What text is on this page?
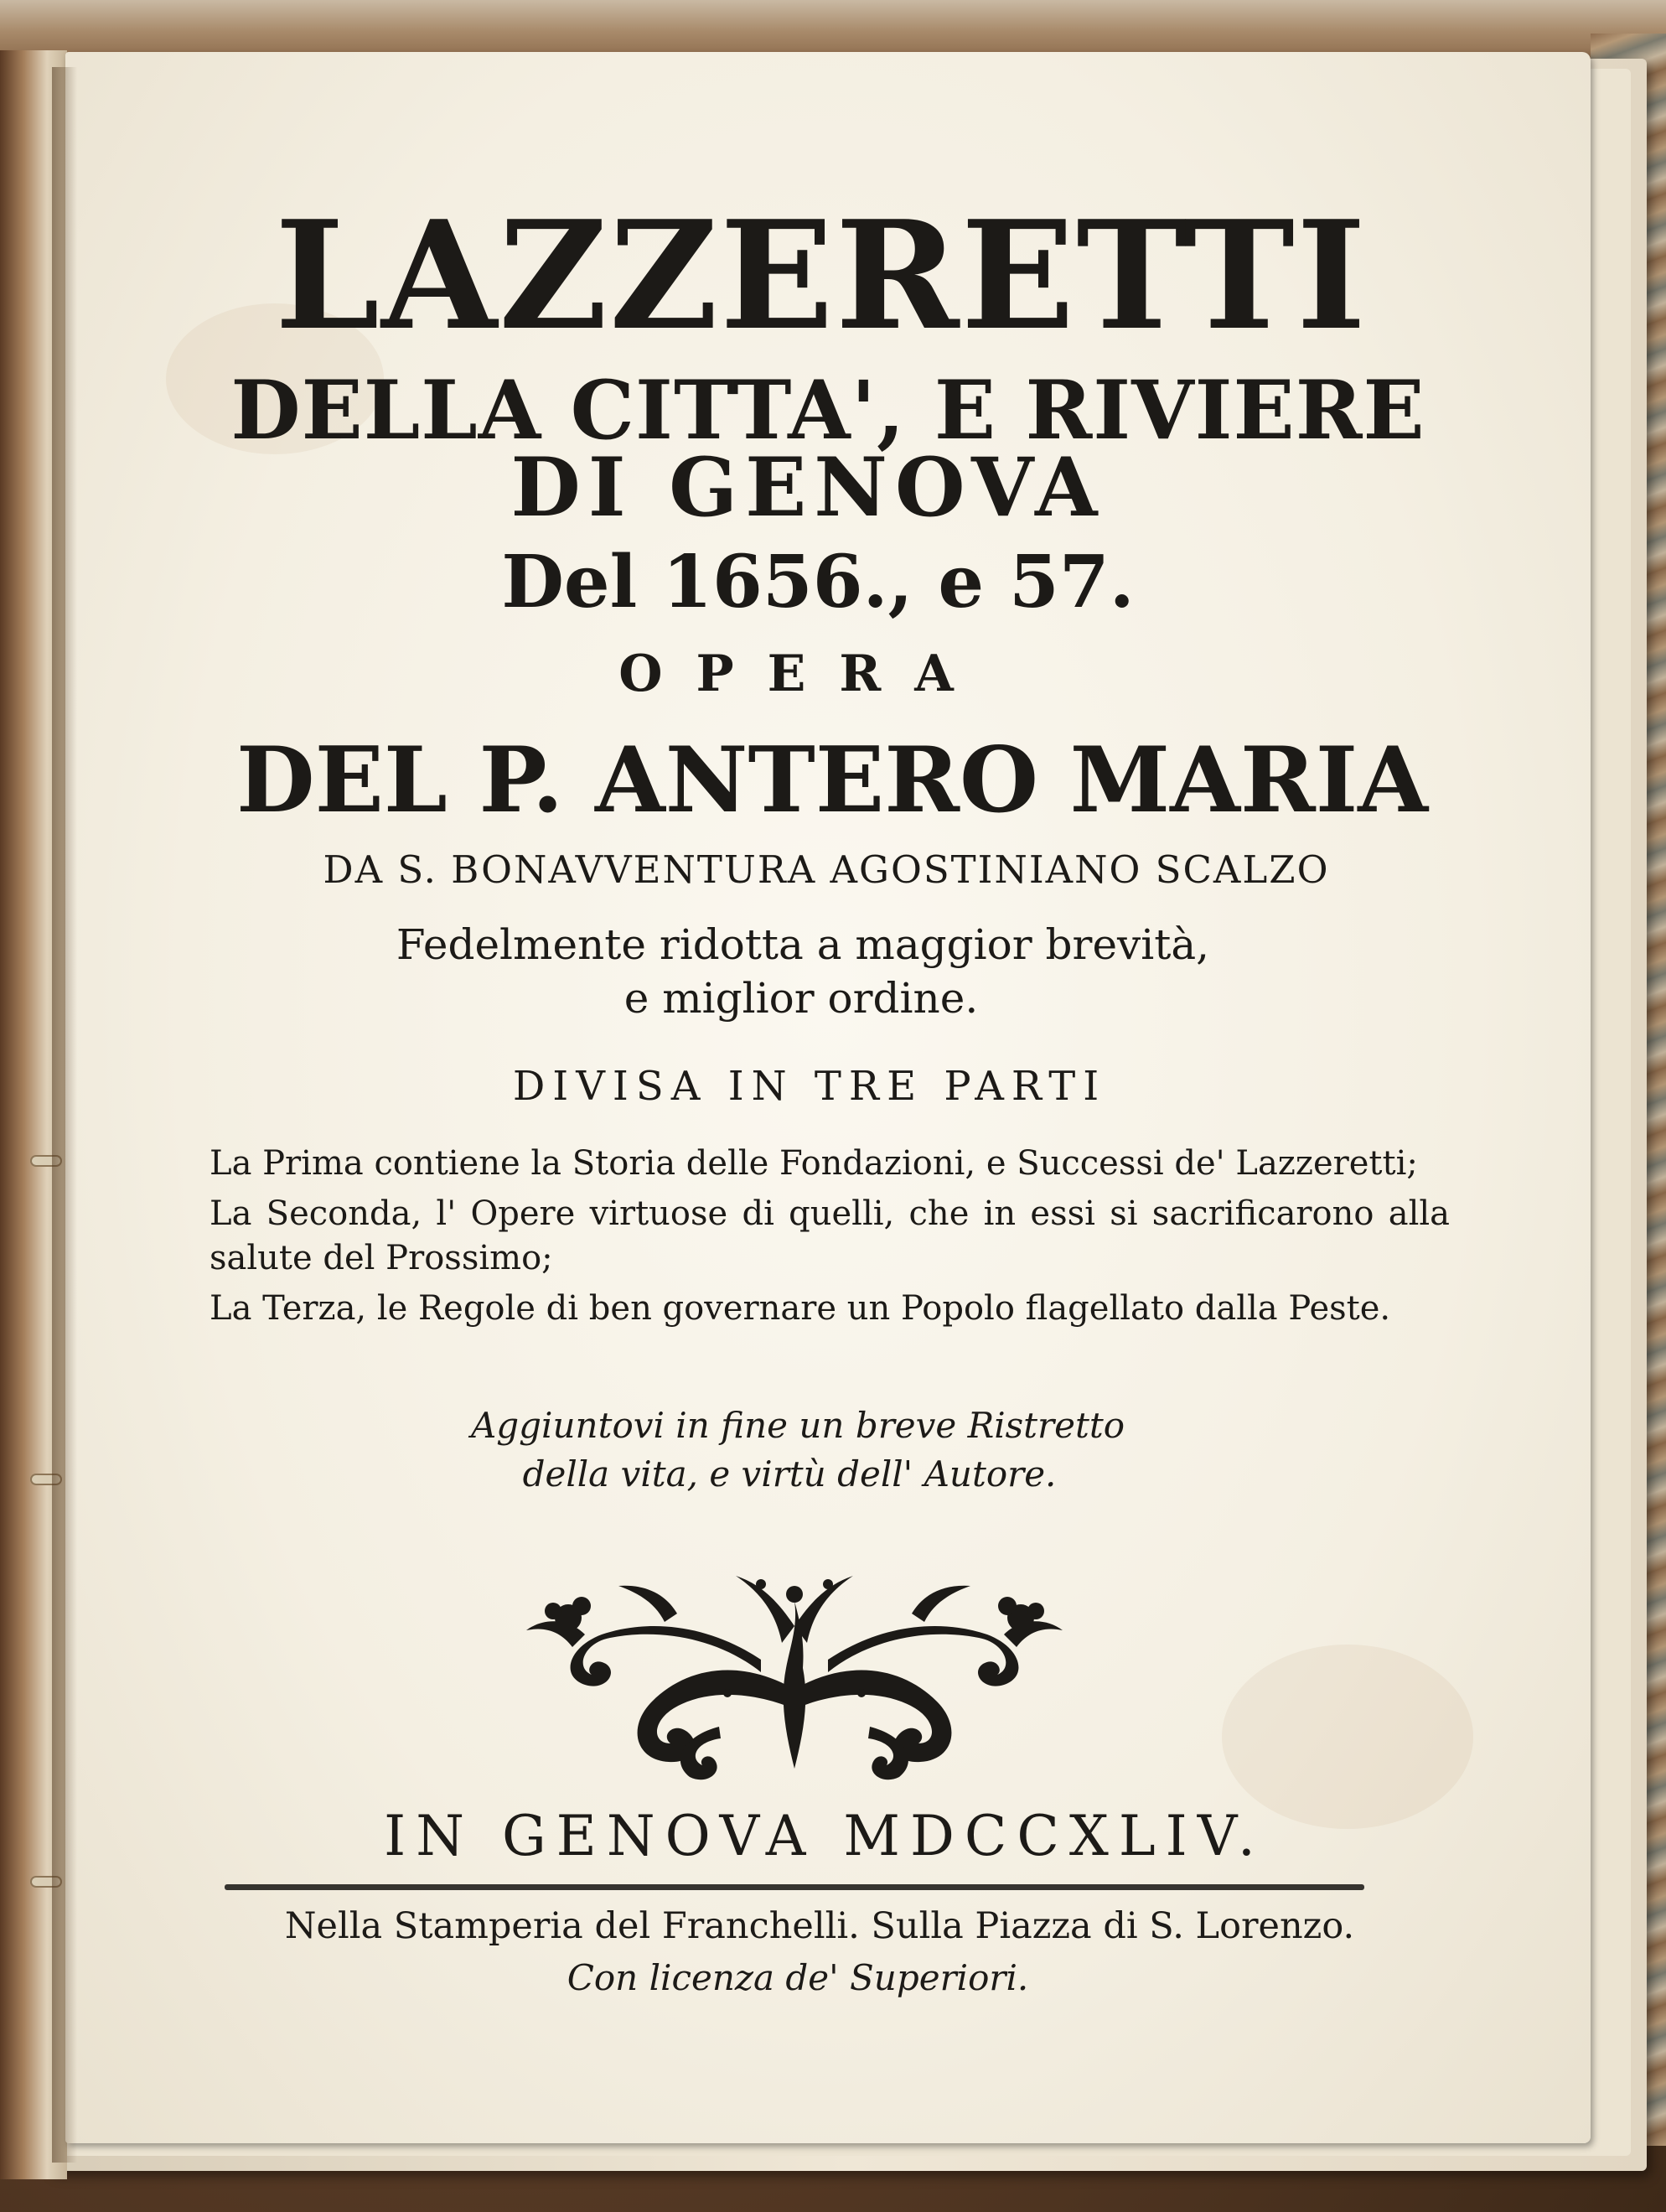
LAZZERETTI
DELLA CITTA', E RIVIERE
DI GENOVA
Del 1656., e 57.
OPERA
DEL P. ANTERO MARIA
DA S. BONAVVENTURA AGOSTINIANO SCALZO
Fedelmente ridotta a maggior brevità,
e miglior ordine.
DIVISA IN TRE PARTI
La Prima contiene la Storia delle Fondazioni, e Successi de' Lazzeretti;
La Seconda, l' Opere virtuose di quelli, che in essi si sacrificarono alla salute del Prossimo;
La Terza, le Regole di ben governare un Popolo flagellato dalla Peste.
Aggiuntovi in fine un breve Ristretto
della vita, e virtù dell' Autore.
IN GENOVA MDCCXLIV.
Nella Stamperia del Franchelli. Sulla Piazza di S. Lorenzo.
Con licenza de' Superiori.
